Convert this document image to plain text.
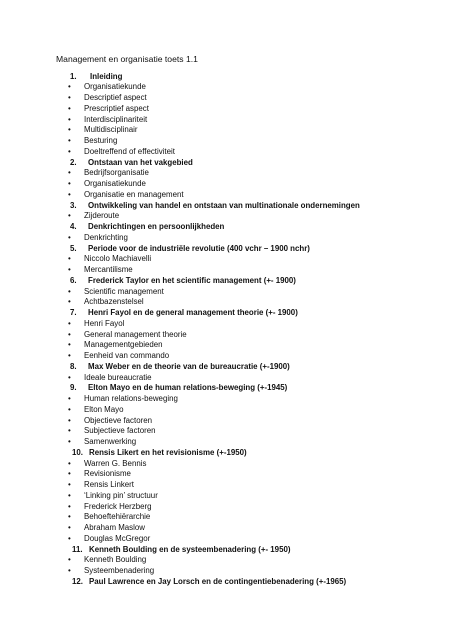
Management en organisatie toets 1.1
1. Inleiding
• Organisatiekunde
• Descriptief aspect
• Prescriptief aspect
• Interdisciplinariteit
• Multidisciplinair
• Besturing
• Doeltreffend of effectiviteit
2. Ontstaan van het vakgebied
• Bedrijfsorganisatie
• Organisatiekunde
• Organisatie en management
3. Ontwikkeling van handel en ontstaan van multinationale ondernemingen
• Zijderoute
4. Denkrichtingen en persoonlijkheden
• Denkrichting
5. Periode voor de industriële revolutie (400 vchr – 1900 nchr)
• Niccolo Machiavelli
• Mercantilisme
6. Frederick Taylor en het scientific management (+- 1900)
• Scientific management
• Achtbazenstelsel
7. Henri Fayol en de general management theorie (+- 1900)
• Henri Fayol
• General management theorie
• Managementgebieden
• Eenheid van commando
8. Max Weber en de theorie van de bureaucratie (+-1900)
• Ideale bureaucratie
9. Elton Mayo en de human relations-beweging (+-1945)
• Human relations-beweging
• Elton Mayo
• Objectieve factoren
• Subjectieve factoren
• Samenwerking
10. Rensis Likert en het revisionisme (+-1950)
• Warren G. Bennis
• Revisionisme
• Rensis Linkert
• ‘Linking pin’ structuur
• Frederick Herzberg
• Behoeftehiërarchie
• Abraham Maslow
• Douglas McGregor
11. Kenneth Boulding en de systeembenadering (+- 1950)
• Kenneth Boulding
• Systeembenadering
12. Paul Lawrence en Jay Lorsch en de contingentiebenadering (+-1965)
